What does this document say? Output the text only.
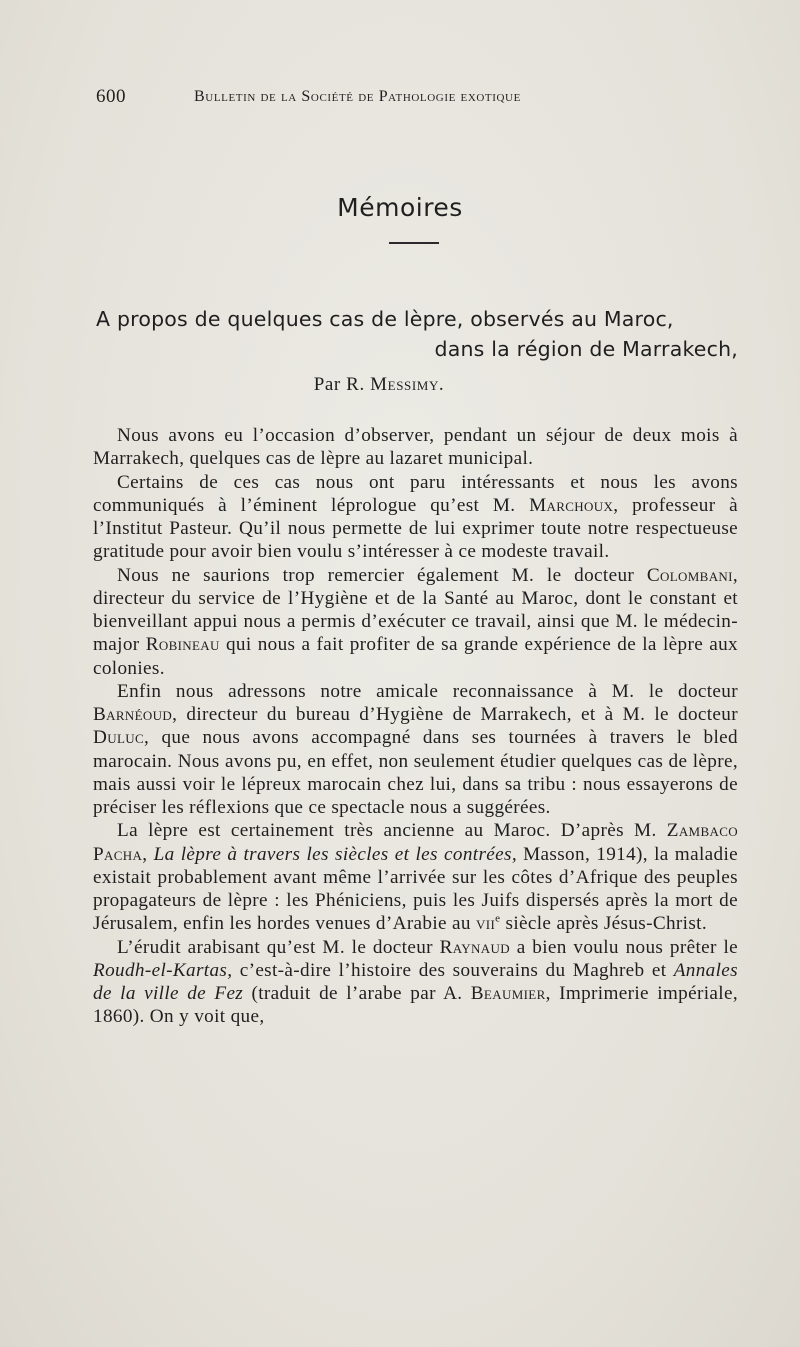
600	Bulletin de la Société de Pathologie exotique
Mémoires
A propos de quelques cas de lèpre, observés au Maroc,
dans la région de Marrakech,
Par R. Messimy.

Nous avons eu l’occasion d’observer, pendant un séjour de deux mois à Marrakech, quelques cas de lèpre au lazaret municipal.

Certains de ces cas nous ont paru intéressants et nous les avons communiqués à l’éminent léprologue qu’est M. Marchoux, professeur à l’Institut Pasteur. Qu’il nous permette de lui exprimer toute notre respectueuse gratitude pour avoir bien voulu s’intéresser à ce modeste travail.

Nous ne saurions trop remercier également M. le docteur Colombani, directeur du service de l’Hygiène et de la Santé au Maroc, dont le constant et bienveillant appui nous a permis d’exécuter ce travail, ainsi que M. le médecin-major Robineau qui nous a fait profiter de sa grande expérience de la lèpre aux colonies.

Enfin nous adressons notre amicale reconnaissance à M. le docteur Barnéoud, directeur du bureau d’Hygiène de Marrakech, et à M. le docteur Duluc, que nous avons accompagné dans ses tournées à travers le bled marocain. Nous avons pu, en effet, non seulement étudier quelques cas de lèpre, mais aussi voir le lépreux marocain chez lui, dans sa tribu : nous essayerons de préciser les réflexions que ce spectacle nous a suggérées.

La lèpre est certainement très ancienne au Maroc. D’après M. Zambaco Pacha, La lèpre à travers les siècles et les contrées, Masson, 1914), la maladie existait probablement avant même l’arrivée sur les côtes d’Afrique des peuples propagateurs de lèpre : les Phéniciens, puis les Juifs dispersés après la mort de Jérusalem, enfin les hordes venues d’Arabie au vii$^e$ siècle après Jésus-Christ.

L’érudit arabisant qu’est M. le docteur Raynaud a bien voulu nous prêter le Roudh-el-Kartas, c’est-à-dire l’histoire des souverains du Maghreb et Annales de la ville de Fez (traduit de l’arabe par A. Beaumier, Imprimerie impériale, 1860). On y voit que,
